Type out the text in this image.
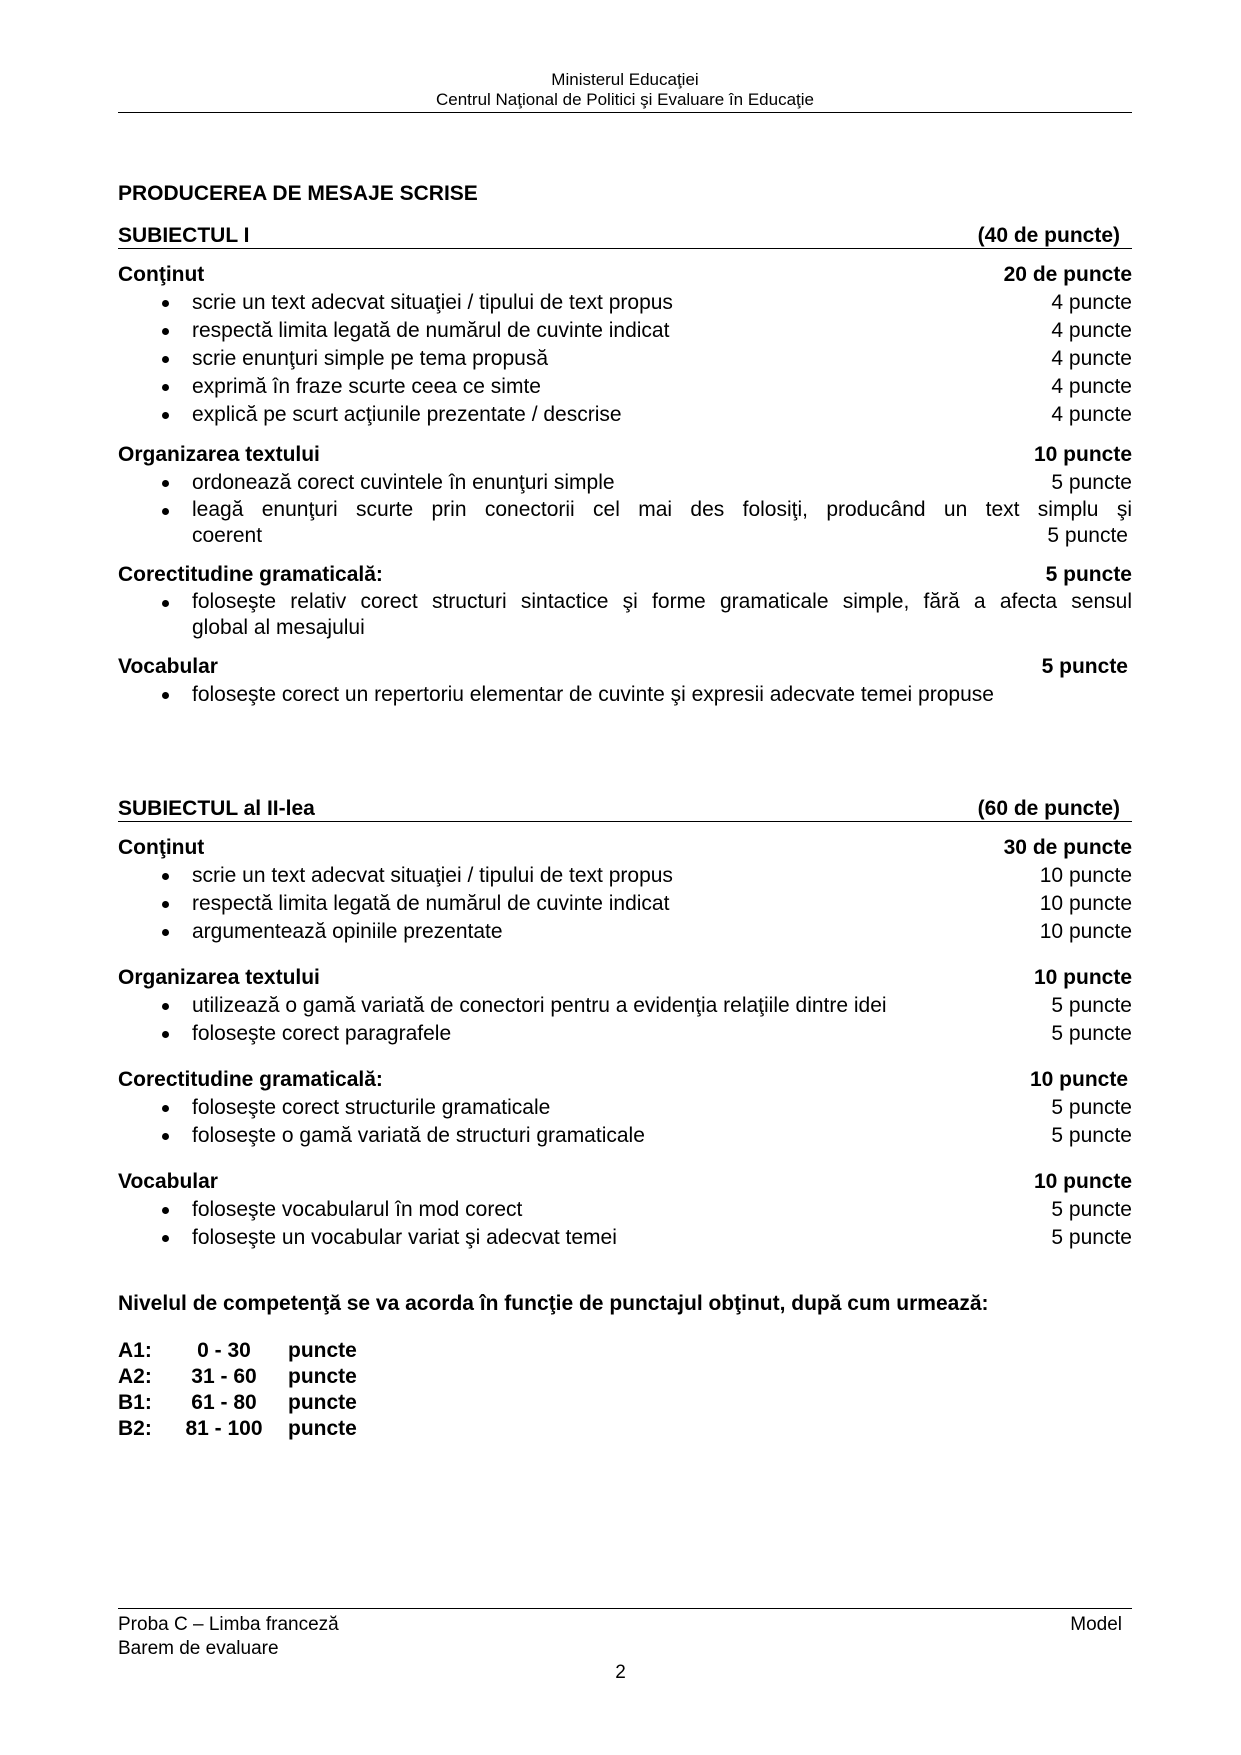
Ministerul Educaţiei
Centrul Naţional de Politici şi Evaluare în Educaţie
PRODUCEREA DE MESAJE SCRISE
SUBIECTUL I	(40 de puncte)
Conţinut	20 de puncte
scrie un text adecvat situaţiei / tipului de text propus	4 puncte
respectă limita legată de numărul de cuvinte indicat	4 puncte
scrie enunţuri simple pe tema propusă	4 puncte
exprimă în fraze scurte ceea ce simte	4 puncte
explică pe scurt acţiunile prezentate / descrise	4 puncte
Organizarea textului	10 puncte
ordonează corect cuvintele în enunţuri simple	5 puncte
leagă enunţuri scurte prin conectorii cel mai des folosiţi, producând un text simplu şi
coerent	5 puncte
Corectitudine gramaticală:	5 puncte
foloseşte relativ corect structuri sintactice şi forme gramaticale simple, fără a afecta sensul
global al mesajului
Vocabular	5 puncte
foloseşte corect un repertoriu elementar de cuvinte şi expresii adecvate temei propuse
SUBIECTUL al II-lea	(60 de puncte)
Conţinut	30 de puncte
scrie un text adecvat situaţiei / tipului de text propus	10 puncte
respectă limita legată de numărul de cuvinte indicat	10 puncte
argumentează opiniile prezentate	10 puncte
Organizarea textului	10 puncte
utilizează o gamă variată de conectori pentru a evidenţia relaţiile dintre idei	5 puncte
foloseşte corect paragrafele	5 puncte
Corectitudine gramaticală:	10 puncte
foloseşte corect structurile gramaticale	5 puncte
foloseşte o gamă variată de structuri gramaticale	5 puncte
Vocabular	10 puncte
foloseşte vocabularul în mod corect	5 puncte
foloseşte un vocabular variat şi adecvat temei	5 puncte
Nivelul de competenţă se va acorda în funcţie de punctajul obţinut, după cum urmează:
A1:	0 - 30	puncte
A2:	31 - 60	puncte
B1:	61 - 80	puncte
B2:	81 - 100	puncte
Proba C – Limba franceză	Model
Barem de evaluare
2
